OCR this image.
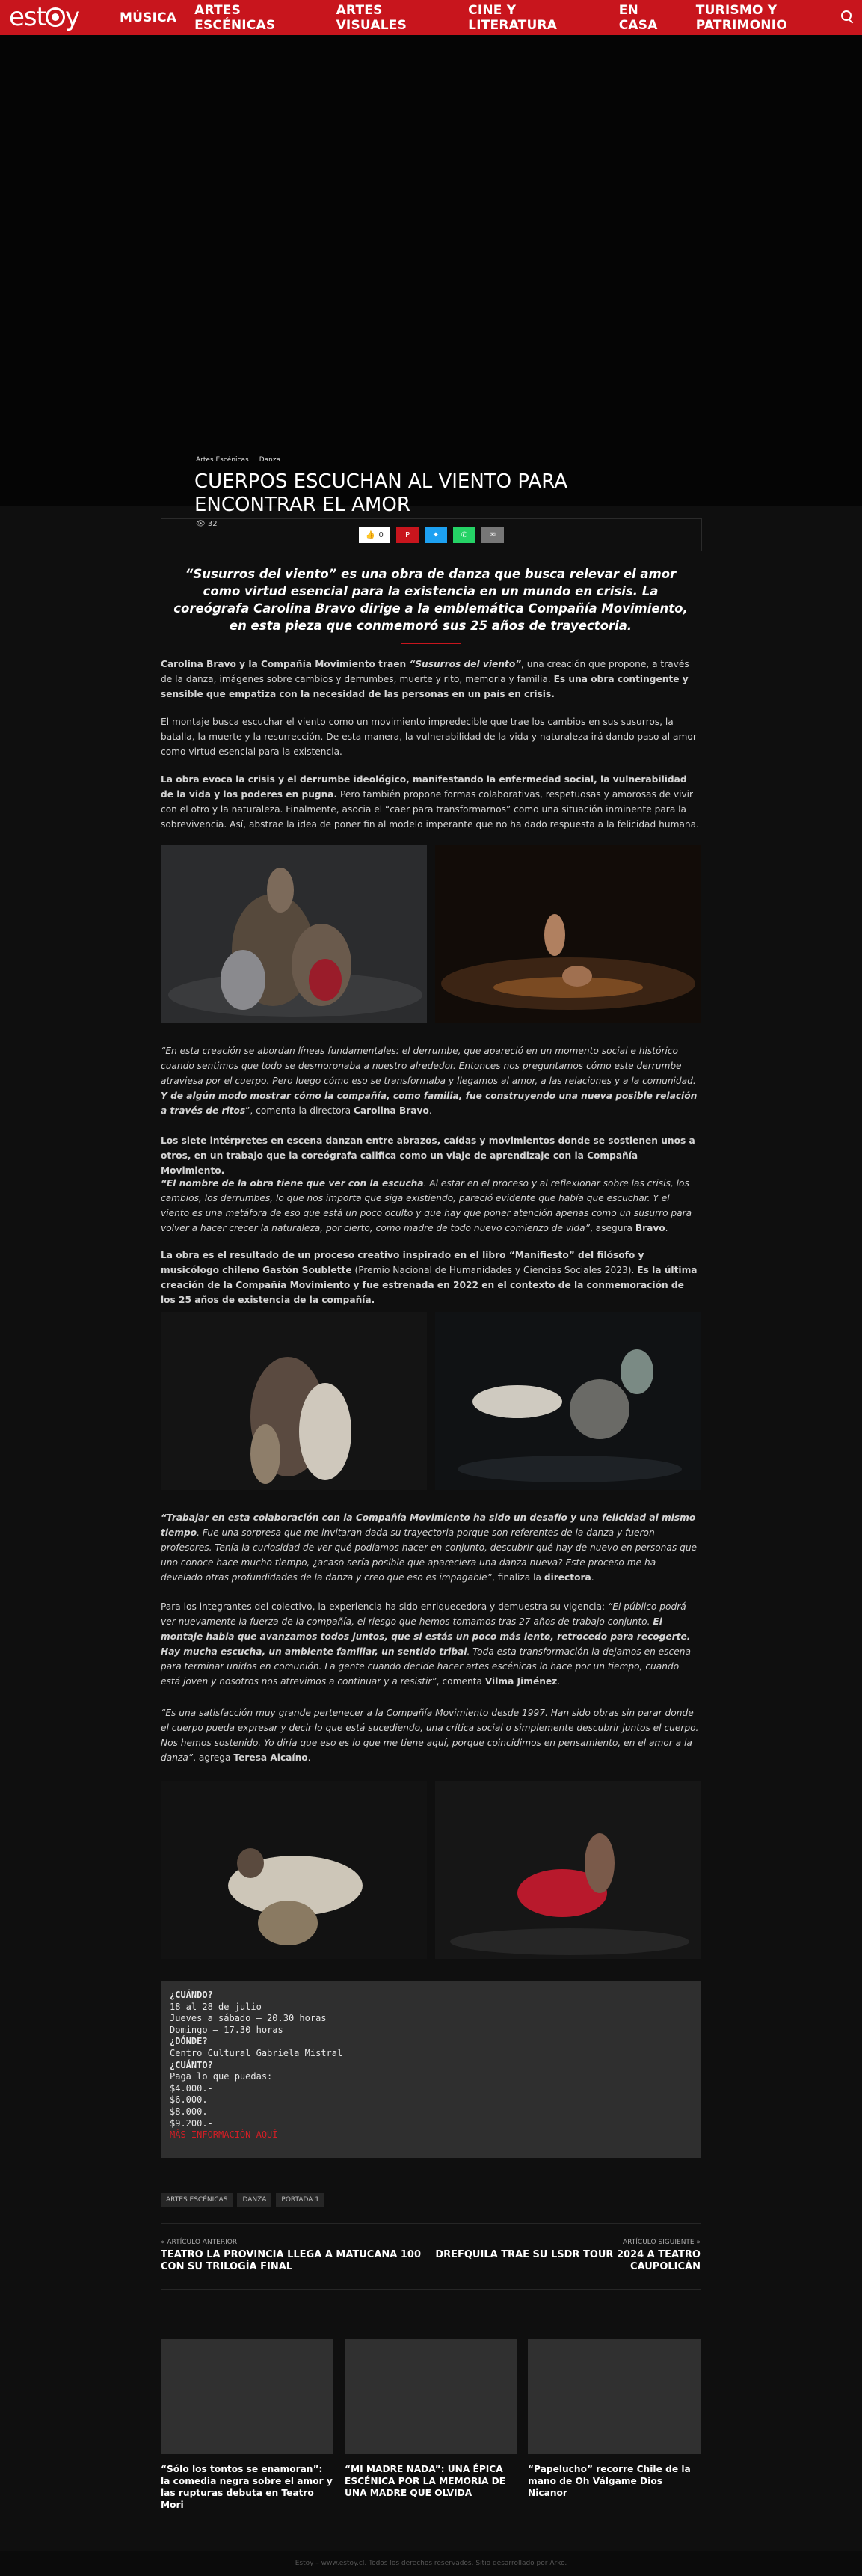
est y	MÚSICA ARTES ESCÉNICAS
ARTES VISUALES
CINE Y LITERATURA
EN CASA
TURISMO Y PATRIMONIO
Artes Escénicas Danza
CUERPOS ESCUCHAN AL VIENTO PARA ENCONTRAR EL AMOR
👁 32
👍 0	P	✦	✆	✉

“Susurros del viento” es una obra de danza que busca relevar el amor como virtud esencial para la existencia en un mundo en crisis. La coreógrafa Carolina Bravo dirige a la emblemática Compañía Movimiento, en esta pieza que conmemoró sus 25 años de trayectoria.

Carolina Bravo y la Compañía Movimiento traen “Susurros del viento”, una creación que propone, a través de la danza, imágenes sobre cambios y derrumbes, muerte y rito, memoria y familia. Es una obra contingente y sensible que empatiza con la necesidad de las personas en un país en crisis.

El montaje busca escuchar el viento como un movimiento impredecible que trae los cambios en sus susurros, la batalla, la muerte y la resurrección. De esta manera, la vulnerabilidad de la vida y naturaleza irá dando paso al amor como virtud esencial para la existencia.

La obra evoca la crisis y el derrumbe ideológico, manifestando la enfermedad social, la vulnerabilidad de la vida y los poderes en pugna. Pero también propone formas colaborativas, respetuosas y amorosas de vivir con el otro y la naturaleza. Finalmente, asocia el “caer para transformarnos” como una situación inminente para la sobrevivencia. Así, abstrae la idea de poner fin al modelo imperante que no ha dado respuesta a la felicidad humana.

“En esta creación se abordan líneas fundamentales: el derrumbe, que apareció en un momento social e histórico cuando sentimos que todo se desmoronaba a nuestro alrededor. Entonces nos preguntamos cómo este derrumbe atraviesa por el cuerpo. Pero luego cómo eso se transformaba y llegamos al amor, a las relaciones y a la comunidad. Y de algún modo mostrar cómo la compañía, como familia, fue construyendo una nueva posible relación a través de ritos”, comenta la directora Carolina Bravo.

Los siete intérpretes en escena danzan entre abrazos, caídas y movimientos donde se sostienen unos a otros, en un trabajo que la coreógrafa califica como un viaje de aprendizaje con la Compañía Movimiento.

“El nombre de la obra tiene que ver con la escucha. Al estar en el proceso y al reflexionar sobre las crisis, los cambios, los derrumbes, lo que nos importa que siga existiendo, pareció evidente que había que escuchar. Y el viento es una metáfora de eso que está un poco oculto y que hay que poner atención apenas como un susurro para volver a hacer crecer la naturaleza, por cierto, como madre de todo nuevo comienzo de vida”, asegura Bravo.

La obra es el resultado de un proceso creativo inspirado en el libro “Manifiesto” del filósofo y musicólogo chileno Gastón Soublette (Premio Nacional de Humanidades y Ciencias Sociales 2023). Es la última creación de la Compañía Movimiento y fue estrenada en 2022 en el contexto de la conmemoración de los 25 años de existencia de la compañía.

“Trabajar en esta colaboración con la Compañía Movimiento ha sido un desafío y una felicidad al mismo tiempo. Fue una sorpresa que me invitaran dada su trayectoria porque son referentes de la danza y fueron profesores. Tenía la curiosidad de ver qué podíamos hacer en conjunto, descubrir qué hay de nuevo en personas que uno conoce hace mucho tiempo, ¿acaso sería posible que apareciera una danza nueva? Este proceso me ha develado otras profundidades de la danza y creo que eso es impagable”, finaliza la directora.

Para los integrantes del colectivo, la experiencia ha sido enriquecedora y demuestra su vigencia: “El público podrá ver nuevamente la fuerza de la compañía, el riesgo que hemos tomamos tras 27 años de trabajo conjunto. El montaje habla que avanzamos todos juntos, que si estás un poco más lento, retrocedo para recogerte. Hay mucha escucha, un ambiente familiar, un sentido tribal. Toda esta transformación la dejamos en escena para terminar unidos en comunión. La gente cuando decide hacer artes escénicas lo hace por un tiempo, cuando está joven y nosotros nos atrevimos a continuar y a resistir”, comenta Vilma Jiménez.

“Es una satisfacción muy grande pertenecer a la Compañía Movimiento desde 1997. Han sido obras sin parar donde el cuerpo pueda expresar y decir lo que está sucediendo, una crítica social o simplemente descubrir juntos el cuerpo. Nos hemos sostenido. Yo diría que eso es lo que me tiene aquí, porque coincidimos en pensamiento, en el amor a la danza”, agrega Teresa Alcaíno.

¿CUÁNDO?
18 al 28 de julio
Jueves a sábado – 20.30 horas
Domingo – 17.30 horas
¿DÓNDE?
Centro Cultural Gabriela Mistral
¿CUÁNTO?
Paga lo que puedas:
$4.000.-
$6.000.-
$8.000.-
$9.200.-
MÁS INFORMACIÓN AQUÍ
ARTES ESCÉNICAS	DANZA	PORTADA 1
« ARTÍCULO ANTERIOR
TEATRO LA PROVINCIA LLEGA A MATUCANA 100 CON SU TRILOGÍA FINAL
ARTÍCULO SIGUIENTE »
DREFQUILA TRAE SU LSDR TOUR 2024 A TEATRO CAUPOLICÁN
“Sólo los tontos se enamoran”: la comedia negra sobre el amor y las rupturas debuta en Teatro Mori
“MI MADRE NADA”: UNA ÉPICA ESCÉNICA POR LA MEMORIA DE UNA MADRE QUE OLVIDA
“Papelucho” recorre Chile de la mano de Oh Válgame Dios Nicanor
Estoy – www.estoy.cl. Todos los derechos reservados. Sitio desarrollado por Arko.
